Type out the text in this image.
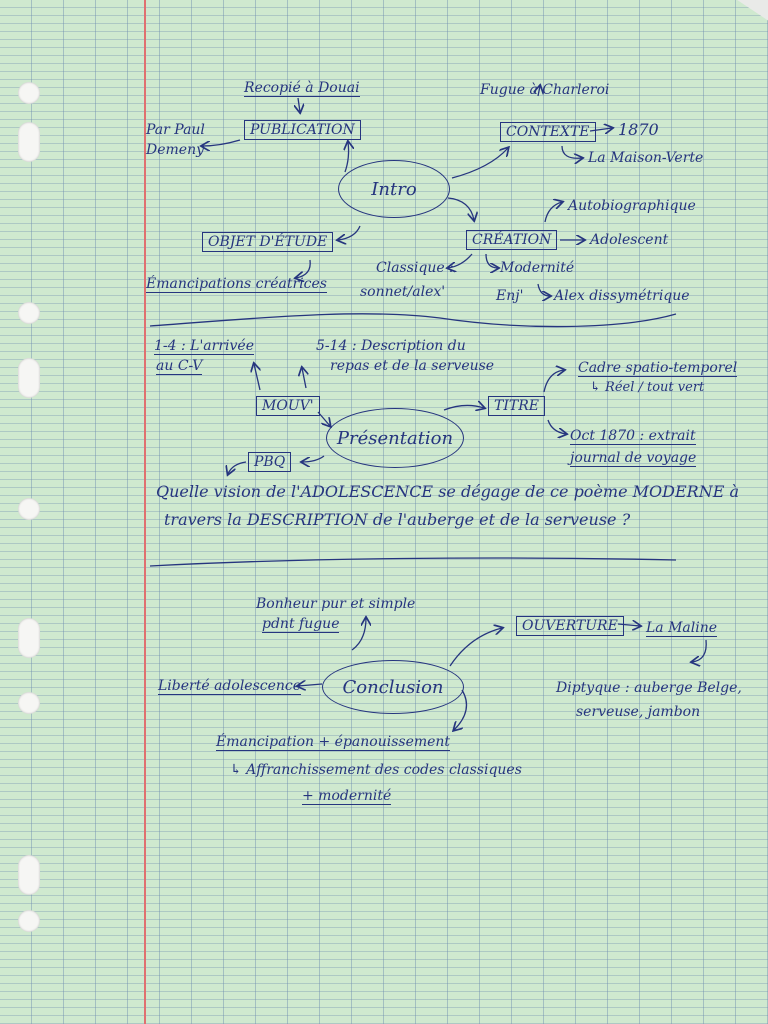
Intro
Recopié à Douai
PUBLICATION
Par Paul
Demeny
Fugue à Charleroi
CONTEXTE	1870
La Maison-Verte
OBJET D'ÉTUDE
Émancipations créatrices
CRÉATION
Autobiographique
Adolescent
Classique :
sonnet/alex'
Modernité
Enj' Alex dissymétrique
Présentation
1-4 : L'arrivée
au C-V
5-14 : Description du
repas et de la serveuse
MOUV'
PBQ
TITRE
Cadre spatio-temporel
↳ Réel / tout vert
Oct 1870 : extrait
journal de voyage
Quelle vision de l'ADOLESCENCE se dégage de ce poème MODERNE à
travers la DESCRIPTION de l'auberge et de la serveuse ?
Conclusion
Bonheur pur et simple
pdnt fugue	OUVERTURE	La Maline
Liberté adolescence	Diptyque : auberge Belge,
serveuse, jambon
Émancipation + épanouissement
↳ Affranchissement des codes classiques
+ modernité
